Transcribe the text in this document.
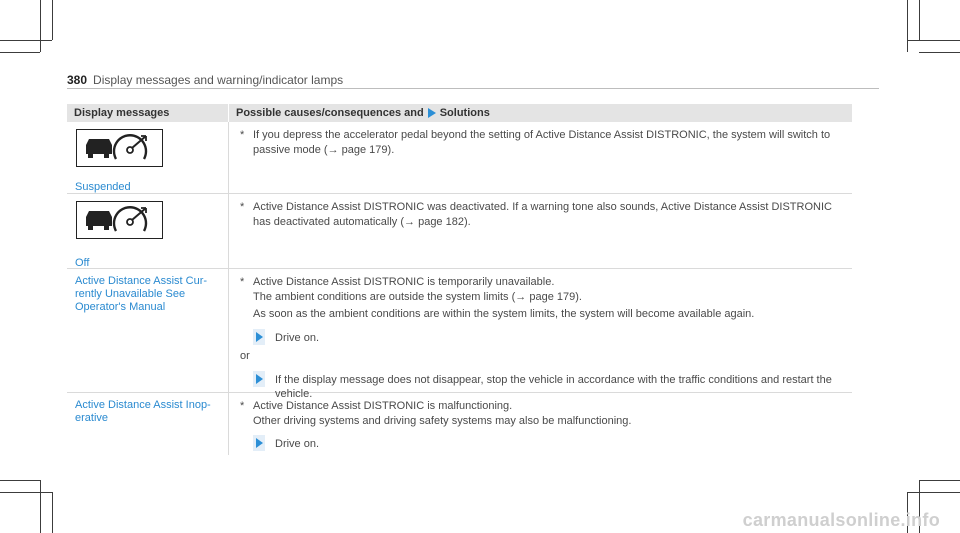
380 Display messages and warning/indicator lamps
Display messages	Possible causes/consequences and Solutions
Suspended
* If you depress the accelerator pedal beyond the setting of Active Distance Assist DISTRONIC, the system will switch to passive mode (→ page 179).
Off
* Active Distance Assist DISTRONIC was deactivated. If a warning tone also sounds, Active Distance Assist DISTRONIC has deactivated automatically (→ page 182).
Active Distance Assist Cur-
rently Unavailable See
Operator's Manual
* Active Distance Assist DISTRONIC is temporarily unavailable.

The ambient conditions are outside the system limits (→ page 179).

As soon as the ambient conditions are within the system limits, the system will become available again.

Drive on.
or
If the display message does not disappear, stop the vehicle in accordance with the traffic conditions and restart the vehicle.
Active Distance Assist Inop-
erative
* Active Distance Assist DISTRONIC is malfunctioning.

Other driving systems and driving safety systems may also be malfunctioning.

Drive on.
carmanualsonline.info
